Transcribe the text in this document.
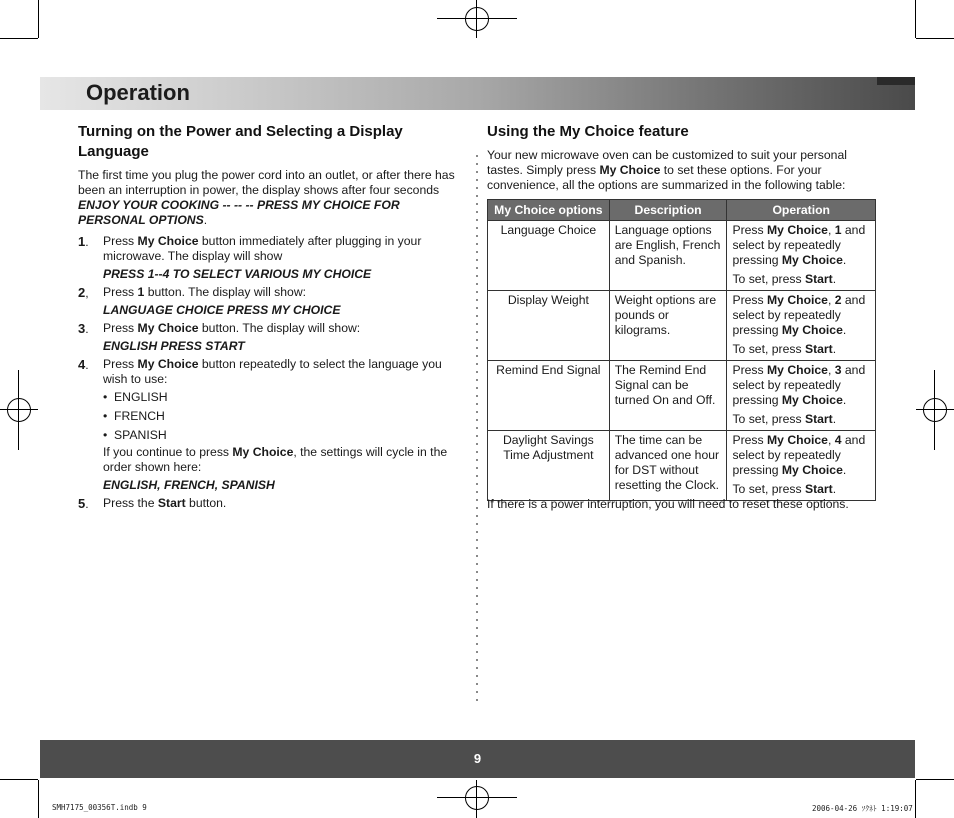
Operation
Turning on the Power and Selecting a Display Language
The first time you plug the power cord into an outlet, or after there has been an interruption in power, the display shows after four seconds ENJOY YOUR COOKING -- -- -- PRESS MY CHOICE FOR PERSONAL OPTIONS.
1. Press My Choice button immediately after plugging in your microwave. The display will show
PRESS 1--4 TO SELECT VARIOUS MY CHOICE
2, Press 1 button. The display will show:
LANGUAGE CHOICE PRESS MY CHOICE
3. Press My Choice button. The display will show:
ENGLISH PRESS START
4. Press My Choice button repeatedly to select the language you wish to use:
•  ENGLISH
•  FRENCH
•  SPANISH
If you continue to press My Choice, the settings will cycle in the order shown here:
ENGLISH, FRENCH, SPANISH
5. Press the Start button.
Using the My Choice feature
Your new microwave oven can be customized to suit your personal tastes. Simply press My Choice to set these options. For your convenience, all the options are summarized in the following table:
My Choice options	Description	Operation
Language Choice	Language options are English, French and Spanish.	Press My Choice, 1 and select by repeatedly pressing My Choice.
To set, press Start.

Display Weight	Weight options are pounds or kilograms.	Press My Choice, 2 and select by repeatedly pressing My Choice.
To set, press Start.

Remind End Signal	The Remind End Signal can be turned On and Off.	Press My Choice, 3 and select by repeatedly pressing My Choice.
To set, press Start.

Daylight Savings Time Adjustment	The time can be advanced one hour for DST without resetting the Clock.	Press My Choice, 4 and select by repeatedly pressing My Choice.
To set, press Start.
If there is a power interruption, you will need to reset these options.
9
SMH7175_00356T.indb 9	2006-04-26 ｿｸﾈﾄ 1:19:07
